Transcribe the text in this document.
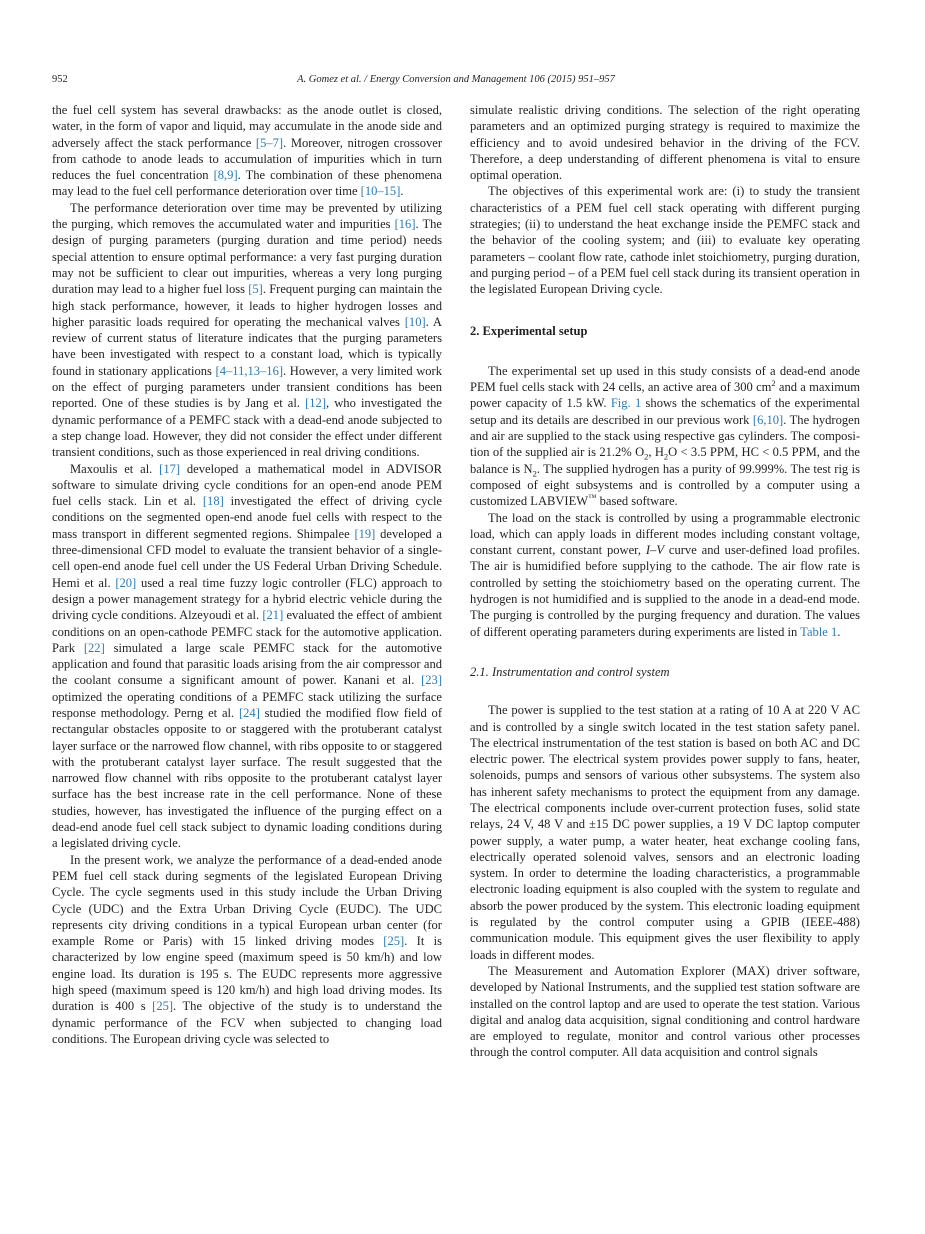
952	A. Gomez et al. / Energy Conversion and Management 106 (2015) 951–957

the fuel cell system has several drawbacks: as the anode outlet is closed, water, in the form of vapor and liquid, may accumulate in the anode side and adversely affect the stack performance [5–7]. Moreover, nitrogen crossover from cathode to anode leads to accumulation of impurities which in turn reduces the fuel concentration [8,9]. The combination of these phenomena may lead to the fuel cell performance deterioration over time [10–15].

The performance deterioration over time may be prevented by utilizing the purging, which removes the accumulated water and impurities [16]. The design of purging parameters (purging duration and time period) needs special attention to ensure optimal performance: a very fast purging duration may not be sufficient to clear out impurities, whereas a very long purging duration may lead to a higher fuel loss [5]. Frequent purging can maintain the high stack performance, however, it leads to higher hydrogen losses and higher parasitic loads required for operating the mechanical valves [10]. A review of current status of literature indicates that the purging parameters have been investigated with respect to a constant load, which is typically found in stationary applications [4–11,13–16]. However, a very limited work on the effect of purging parameters under transient conditions has been reported. One of these studies is by Jang et al. [12], who investigated the dynamic performance of a PEMFC stack with a dead-end anode subjected to a step change load. However, they did not consider the effect under different transient conditions, such as those experienced in real driving conditions.

Maxoulis et al. [17] developed a mathematical model in ADVISOR software to simulate driving cycle conditions for an open-end anode PEM fuel cells stack. Lin et al. [18] investigated the effect of driving cycle conditions on the segmented open-end anode fuel cells with respect to the mass transport in different segmented regions. Shimpalee [19] developed a three-dimensional CFD model to evaluate the transient behavior of a single-cell open-end anode fuel cell under the US Federal Urban Driving Schedule. Hemi et al. [20] used a real time fuzzy logic controller (FLC) approach to design a power management strategy for a hybrid electric vehicle during the driving cycle conditions. Alzeyoudi et al. [21] evaluated the effect of ambient conditions on an open-cathode PEMFC stack for the automotive application. Park [22] simulated a large scale PEMFC stack for the automotive application and found that parasitic loads arising from the air compressor and the coolant consume a significant amount of power. Kanani et al. [23] optimized the operating conditions of a PEMFC stack utilizing the surface response methodology. Perng et al. [24] studied the modified flow field of rectangular obstacles opposite to or staggered with the protuberant catalyst layer surface or the narrowed flow channel, with ribs opposite to or staggered with the protuberant catalyst layer surface. The result suggested that the narrowed flow channel with ribs opposite to the protuberant catalyst layer surface has the best increase rate in the cell performance. None of these studies, however, has investigated the influence of the purging effect on a dead-end anode fuel cell stack subject to dynamic loading conditions during a legislated driving cycle.

In the present work, we analyze the performance of a dead-ended anode PEM fuel cell stack during segments of the legislated European Driving Cycle. The cycle segments used in this study include the Urban Driving Cycle (UDC) and the Extra Urban Driving Cycle (EUDC). The UDC represents city driving conditions in a typical European urban center (for example Rome or Paris) with 15 linked driving modes [25]. It is characterized by low engine speed (maximum speed is 50 km/h) and low engine load. Its duration is 195 s. The EUDC represents more aggressive high speed (maximum speed is 120 km/h) and high load driving modes. Its duration is 400 s [25]. The objective of the study is to understand the dynamic performance of the FCV when subjected to changing load conditions. The European driving cycle was selected to

simulate realistic driving conditions. The selection of the right operating parameters and an optimized purging strategy is required to maximize the efficiency and to avoid undesired behavior in the driving of the FCV. Therefore, a deep understanding of different phenomena is vital to ensure optimal operation.

The objectives of this experimental work are: (i) to study the transient characteristics of a PEM fuel cell stack operating with different purging strategies; (ii) to understand the heat exchange inside the PEMFC stack and the behavior of the cooling system; and (iii) to evaluate key operating parameters – coolant flow rate, cathode inlet stoichiometry, purging duration, and purging period – of a PEM fuel cell stack during its transient operation in the legislated European Driving cycle.

2. Experimental setup

The experimental set up used in this study consists of a dead-end anode PEM fuel cells stack with 24 cells, an active area of 300 $cm^2$ and a maximum power capacity of 1.5 kW. Fig. 1 shows the schematics of the experimental setup and its details are described in our previous work [6,10]. The hydrogen and air are supplied to the stack using respective gas cylinders. The composition of the supplied air is 21.2% $O_2$, $H_2O < 3.5$ PPM, HC < 0.5 PPM, and the balance is $N_2$. The supplied hydrogen has a purity of 99.999%. The test rig is composed of eight subsystems and is controlled by a computer using a customized LABVIEW™ based software.

The load on the stack is controlled by using a programmable electronic load, which can apply loads in different modes including constant voltage, constant current, constant power, I–V curve and user-defined load profiles. The air is humidified before supplying to the cathode. The air flow rate is controlled by setting the stoichiometry based on the operating current. The hydrogen is not humidified and is supplied to the anode in a dead-end mode. The purging is controlled by the purging frequency and duration. The values of different operating parameters during experiments are listed in Table 1.

2.1. Instrumentation and control system

The power is supplied to the test station at a rating of 10 A at 220 V AC and is controlled by a single switch located in the test station safety panel. The electrical instrumentation of the test station is based on both AC and DC electric power. The electrical system provides power supply to fans, heater, solenoids, pumps and sensors of various other subsystems. The system also has inherent safety mechanisms to protect the equipment from any damage. The electrical components include over-current protection fuses, solid state relays, 24 V, 48 V and ±15 DC power supplies, a 19 V DC laptop computer power supply, a water pump, a water heater, heat exchange cooling fans, electrically operated solenoid valves, sensors and an electronic loading system. In order to determine the loading characteristics, a programmable electronic loading equipment is also coupled with the system to regulate and absorb the power produced by the system. This electronic loading equipment is regulated by the control computer using a GPIB (IEEE-488) communication module. This equipment gives the user flexibility to apply loads in different modes.

The Measurement and Automation Explorer (MAX) driver software, developed by National Instruments, and the supplied test station software are installed on the control laptop and are used to operate the test station. Various digital and analog data acquisition, signal conditioning and control hardware are employed to regulate, monitor and control various other processes through the control computer. All data acquisition and control signals
